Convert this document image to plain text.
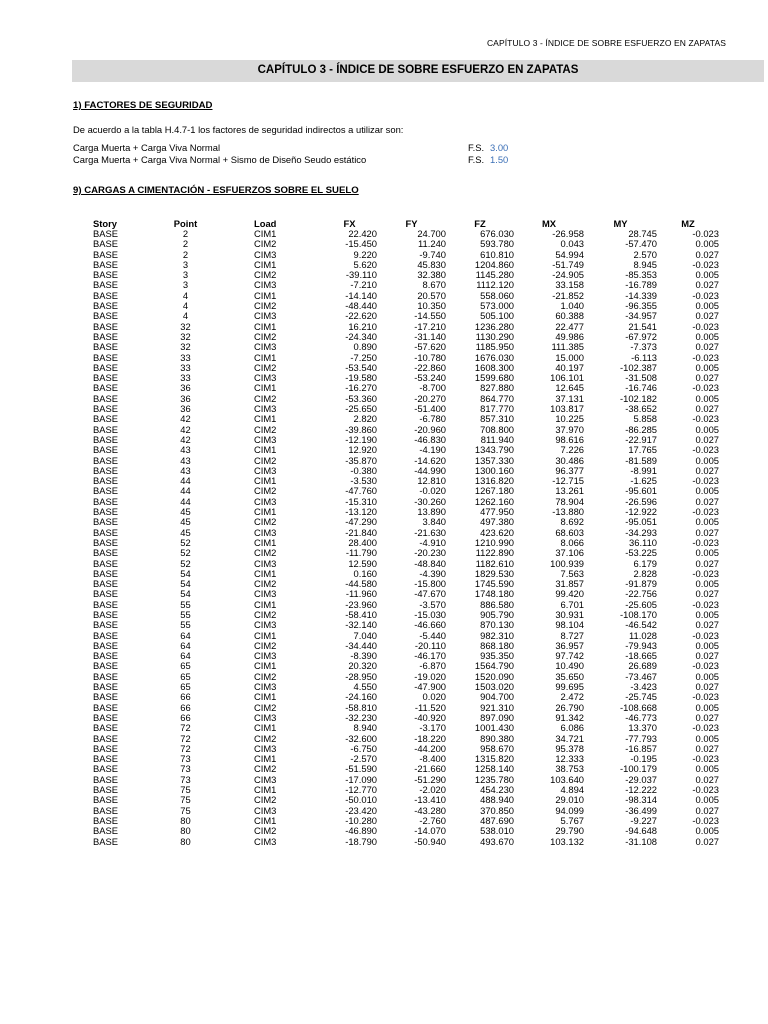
CAPÍTULO 3 - ÍNDICE DE SOBRE ESFUERZO EN ZAPATAS
CAPÍTULO 3 - ÍNDICE DE SOBRE ESFUERZO EN ZAPATAS
1) FACTORES DE SEGURIDAD
De acuerdo a la tabla H.4.7-1 los factores de seguridad indirectos a utilizar son:
Carga Muerta + Carga Viva Normal	F.S. 3.00
Carga Muerta + Carga Viva Normal + Sismo de Diseño Seudo estático	F.S. 1.50
9) CARGAS A CIMENTACIÓN - ESFUERZOS SOBRE EL SUELO
Story	Point	Load	FX	FY	FZ	MX	MY	MZ
BASE	2	CIM1	22.420	24.700	676.030	-26.958	28.745	-0.023
BASE	2	CIM2	-15.450	11.240	593.780	0.043	-57.470	0.005
BASE	2	CIM3	9.220	-9.740	610.810	54.994	2.570	0.027
BASE	3	CIM1	5.620	45.830	1204.860	-51.749	8.945	-0.023
BASE	3	CIM2	-39.110	32.380	1145.280	-24.905	-85.353	0.005
BASE	3	CIM3	-7.210	8.670	1112.120	33.158	-16.789	0.027
BASE	4	CIM1	-14.140	20.570	558.060	-21.852	-14.339	-0.023
BASE	4	CIM2	-48.440	10.350	573.000	1.040	-96.355	0.005
BASE	4	CIM3	-22.620	-14.550	505.100	60.388	-34.957	0.027
BASE	32	CIM1	16.210	-17.210	1236.280	22.477	21.541	-0.023
BASE	32	CIM2	-24.340	-31.140	1130.290	49.986	-67.972	0.005
BASE	32	CIM3	0.890	-57.620	1185.950	111.385	-7.373	0.027
BASE	33	CIM1	-7.250	-10.780	1676.030	15.000	-6.113	-0.023
BASE	33	CIM2	-53.540	-22.860	1608.300	40.197	-102.387	0.005
BASE	33	CIM3	-19.580	-53.240	1599.680	106.101	-31.508	0.027
BASE	36	CIM1	-16.270	-8.700	827.880	12.645	-16.746	-0.023
BASE	36	CIM2	-53.360	-20.270	864.770	37.131	-102.182	0.005
BASE	36	CIM3	-25.650	-51.400	817.770	103.817	-38.652	0.027
BASE	42	CIM1	2.820	-6.780	857.310	10.225	5.858	-0.023
BASE	42	CIM2	-39.860	-20.960	708.800	37.970	-86.285	0.005
BASE	42	CIM3	-12.190	-46.830	811.940	98.616	-22.917	0.027
BASE	43	CIM1	12.920	-4.190	1343.790	7.226	17.765	-0.023
BASE	43	CIM2	-35.870	-14.620	1357.330	30.486	-81.589	0.005
BASE	43	CIM3	-0.380	-44.990	1300.160	96.377	-8.991	0.027
BASE	44	CIM1	-3.530	12.810	1316.820	-12.715	-1.625	-0.023
BASE	44	CIM2	-47.760	-0.020	1267.180	13.261	-95.601	0.005
BASE	44	CIM3	-15.310	-30.260	1262.160	78.904	-26.596	0.027
BASE	45	CIM1	-13.120	13.890	477.950	-13.880	-12.922	-0.023
BASE	45	CIM2	-47.290	3.840	497.380	8.692	-95.051	0.005
BASE	45	CIM3	-21.840	-21.630	423.620	68.603	-34.293	0.027
BASE	52	CIM1	28.400	-4.910	1210.990	8.066	36.110	-0.023
BASE	52	CIM2	-11.790	-20.230	1122.890	37.106	-53.225	0.005
BASE	52	CIM3	12.590	-48.840	1182.610	100.939	6.179	0.027
BASE	54	CIM1	0.160	-4.390	1829.530	7.563	2.828	-0.023
BASE	54	CIM2	-44.580	-15.800	1745.590	31.857	-91.879	0.005
BASE	54	CIM3	-11.960	-47.670	1748.180	99.420	-22.756	0.027
BASE	55	CIM1	-23.960	-3.570	886.580	6.701	-25.605	-0.023
BASE	55	CIM2	-58.410	-15.030	905.790	30.931	-108.170	0.005
BASE	55	CIM3	-32.140	-46.660	870.130	98.104	-46.542	0.027
BASE	64	CIM1	7.040	-5.440	982.310	8.727	11.028	-0.023
BASE	64	CIM2	-34.440	-20.110	868.180	36.957	-79.943	0.005
BASE	64	CIM3	-8.390	-46.170	935.350	97.742	-18.665	0.027
BASE	65	CIM1	20.320	-6.870	1564.790	10.490	26.689	-0.023
BASE	65	CIM2	-28.950	-19.020	1520.090	35.650	-73.467	0.005
BASE	65	CIM3	4.550	-47.900	1503.020	99.695	-3.423	0.027
BASE	66	CIM1	-24.160	0.020	904.700	2.472	-25.745	-0.023
BASE	66	CIM2	-58.810	-11.520	921.310	26.790	-108.668	0.005
BASE	66	CIM3	-32.230	-40.920	897.090	91.342	-46.773	0.027
BASE	72	CIM1	8.940	-3.170	1001.430	6.086	13.370	-0.023
BASE	72	CIM2	-32.600	-18.220	890.380	34.721	-77.793	0.005
BASE	72	CIM3	-6.750	-44.200	958.670	95.378	-16.857	0.027
BASE	73	CIM1	-2.570	-8.400	1315.820	12.333	-0.195	-0.023
BASE	73	CIM2	-51.590	-21.660	1258.140	38.753	-100.179	0.005
BASE	73	CIM3	-17.090	-51.290	1235.780	103.640	-29.037	0.027
BASE	75	CIM1	-12.770	-2.020	454.230	4.894	-12.222	-0.023
BASE	75	CIM2	-50.010	-13.410	488.940	29.010	-98.314	0.005
BASE	75	CIM3	-23.420	-43.280	370.850	94.099	-36.499	0.027
BASE	80	CIM1	-10.280	-2.760	487.690	5.767	-9.227	-0.023
BASE	80	CIM2	-46.890	-14.070	538.010	29.790	-94.648	0.005
BASE	80	CIM3	-18.790	-50.940	493.670	103.132	-31.108	0.027
